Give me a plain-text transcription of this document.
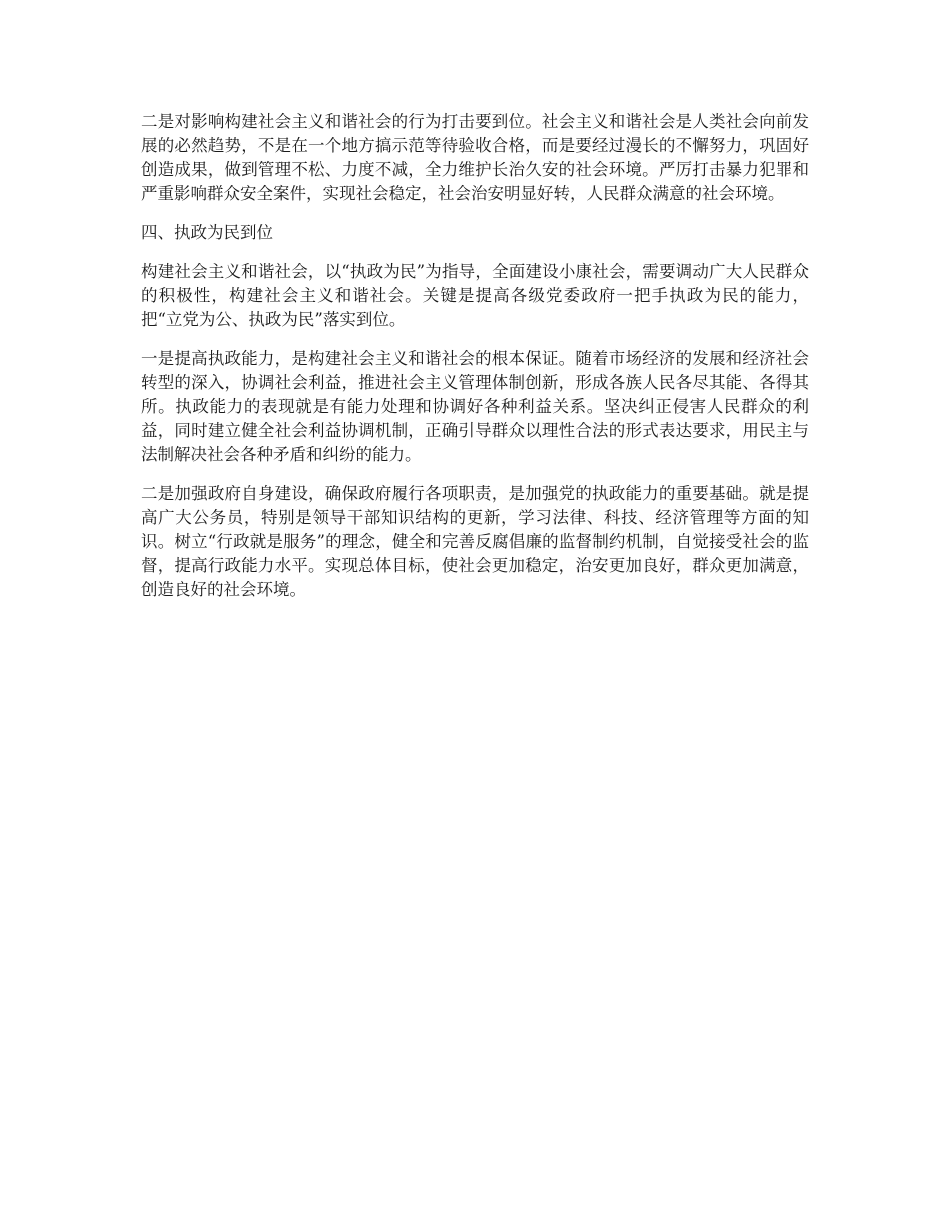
二是对影响构建社会主义和谐社会的行为打击要到位。社会主义和谐社会是人类社会向前发展的必然趋势，不是在一个地方搞示范等待验收合格，而是要经过漫长的不懈努力，巩固好创造成果，做到管理不松、力度不减，全力维护长治久安的社会环境。严厉打击暴力犯罪和严重影响群众安全案件，实现社会稳定，社会治安明显好转，人民群众满意的社会环境。

四、执政为民到位

构建社会主义和谐社会，以“执政为民”为指导，全面建设小康社会，需要调动广大人民群众的积极性，构建社会主义和谐社会。关键是提高各级党委政府一把手执政为民的能力，把“立党为公、执政为民”落实到位。

一是提高执政能力，是构建社会主义和谐社会的根本保证。随着市场经济的发展和经济社会转型的深入，协调社会利益，推进社会主义管理体制创新，形成各族人民各尽其能、各得其所。执政能力的表现就是有能力处理和协调好各种利益关系。坚决纠正侵害人民群众的利益，同时建立健全社会利益协调机制，正确引导群众以理性合法的形式表达要求，用民主与法制解决社会各种矛盾和纠纷的能力。

二是加强政府自身建设，确保政府履行各项职责，是加强党的执政能力的重要基础。就是提高广大公务员，特别是领导干部知识结构的更新，学习法律、科技、经济管理等方面的知识。树立“行政就是服务”的理念，健全和完善反腐倡廉的监督制约机制，自觉接受社会的监督，提高行政能力水平。实现总体目标，使社会更加稳定，治安更加良好，群众更加满意，创造良好的社会环境。
